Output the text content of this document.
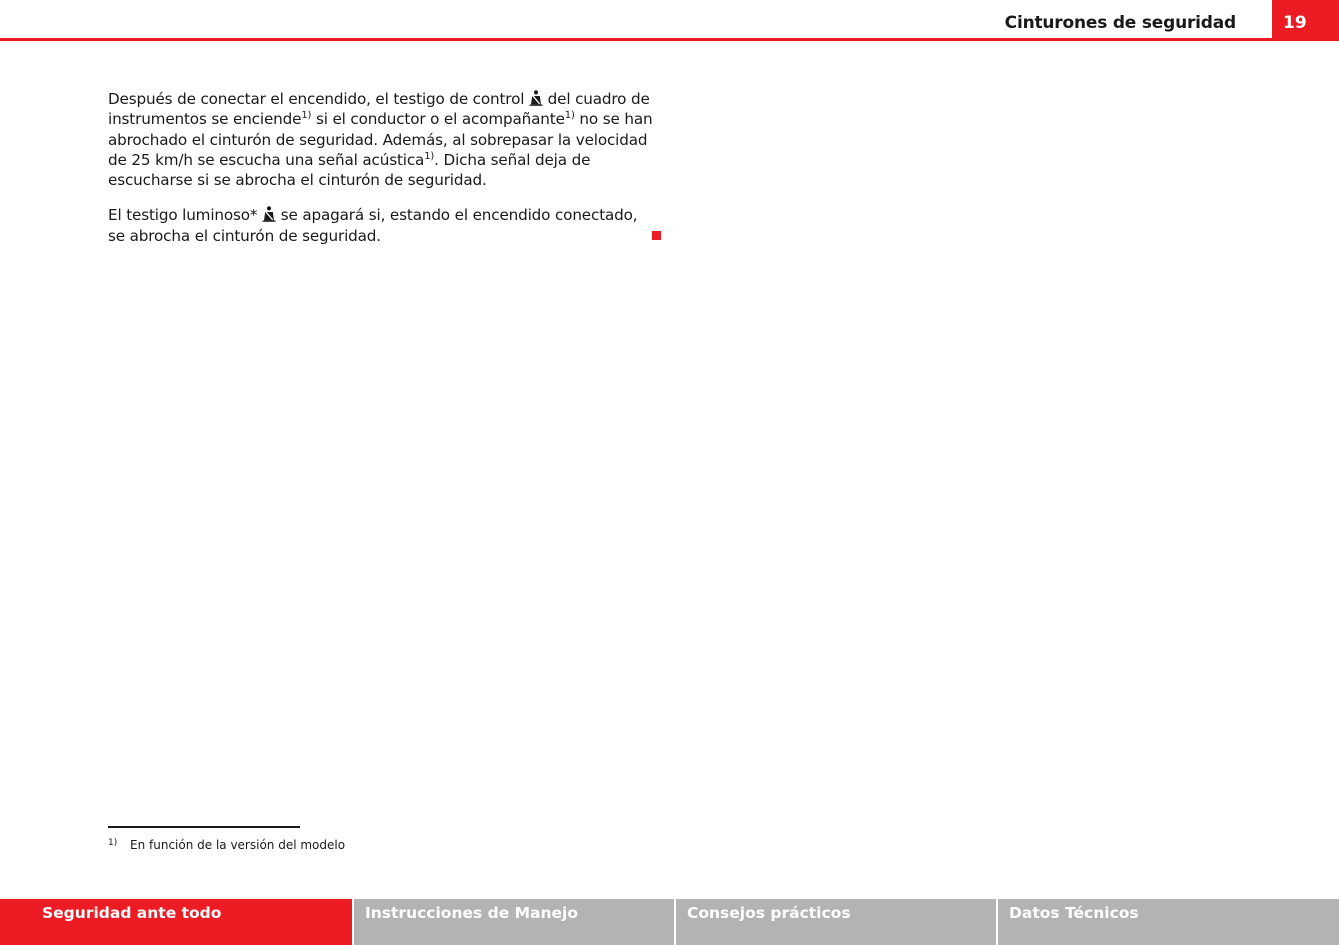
Cinturones de seguridad	19

Después de conectar el encendido, el testigo de control  del cuadro de instrumentos se enciende$^{1)}$ si el conductor o el acompañante$^{1)}$ no se han abrochado el cinturón de seguridad. Además, al sobrepasar la velocidad de 25 km/h se escucha una señal acústica$^{1)}$. Dicha señal deja de escucharse si se abrocha el cinturón de seguridad.

El testigo luminoso*  se apagará si, estando el encendido conectado, se abrocha el cinturón de seguridad.

1) En función de la versión del modelo
Seguridad ante todo	Instrucciones de Manejo	Consejos prácticos	Datos Técnicos
